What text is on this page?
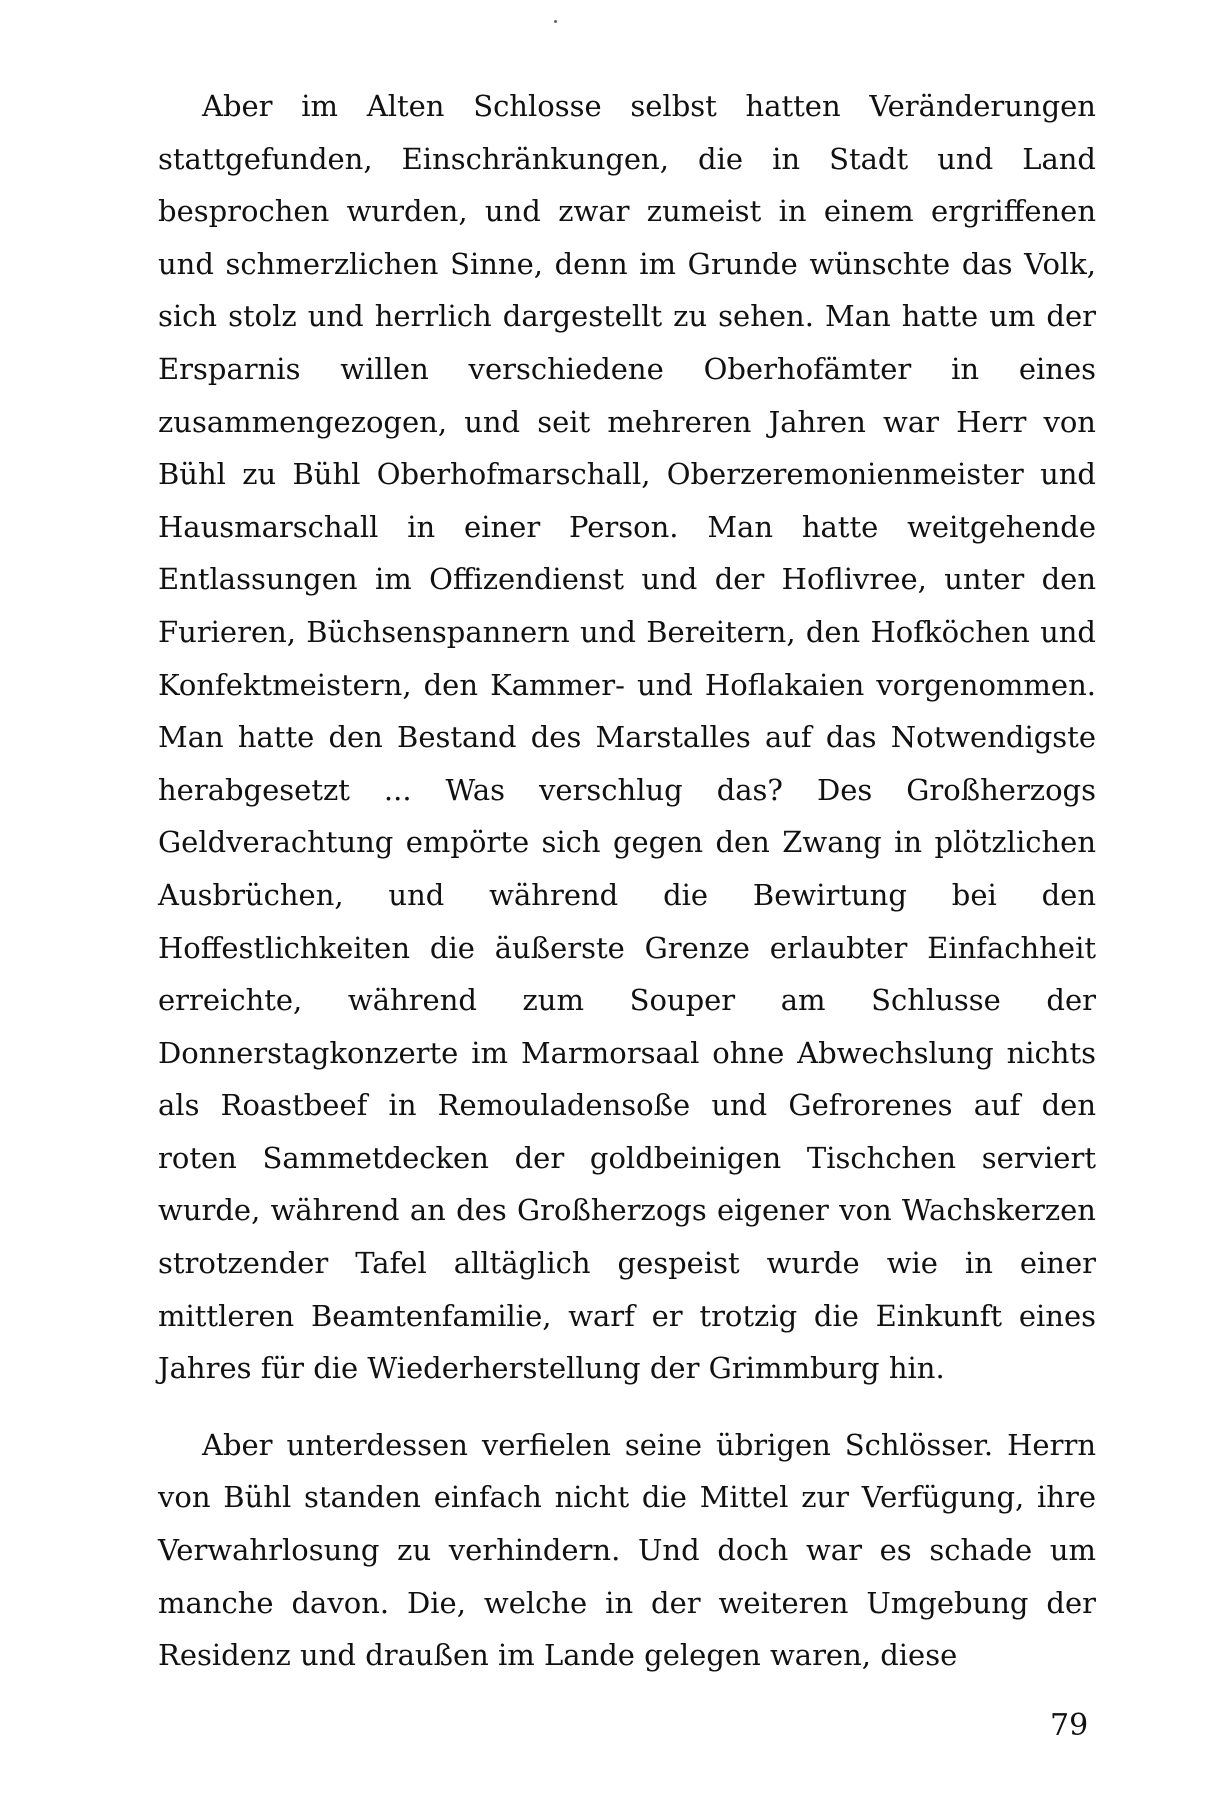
Aber im Alten Schlosse selbst hatten Veränderungen stattgefunden, Einschränkungen, die in Stadt und Land besprochen wurden, und zwar zumeist in einem ergriffenen und schmerzlichen Sinne, denn im Grunde wünschte das Volk, sich stolz und herrlich dargestellt zu sehen. Man hatte um der Ersparnis willen verschiedene Oberhofämter in eines zusammengezogen, und seit mehreren Jahren war Herr von Bühl zu Bühl Oberhofmarschall, Oberzeremonienmeister und Hausmarschall in einer Person. Man hatte weitgehende Entlassungen im Offizendienst und der Hoflivree, unter den Furieren, Büchsenspannern und Bereitern, den Hofköchen und Konfektmeistern, den Kammer- und Hoflakaien vorgenommen. Man hatte den Bestand des Marstalles auf das Notwendigste herabgesetzt ... Was verschlug das? Des Großherzogs Geldverachtung empörte sich gegen den Zwang in plötzlichen Ausbrüchen, und während die Bewirtung bei den Hoffestlichkeiten die äußerste Grenze erlaubter Einfachheit erreichte, während zum Souper am Schlusse der Donnerstagkonzerte im Marmorsaal ohne Abwechslung nichts als Roastbeef in Remouladensoße und Gefrorenes auf den roten Sammetdecken der goldbeinigen Tischchen serviert wurde, während an des Großherzogs eigener von Wachskerzen strotzender Tafel alltäglich gespeist wurde wie in einer mittleren Beamtenfamilie, warf er trotzig die Einkunft eines Jahres für die Wiederherstellung der Grimmburg hin.

Aber unterdessen verfielen seine übrigen Schlösser. Herrn von Bühl standen einfach nicht die Mittel zur Verfügung, ihre Verwahrlosung zu verhindern. Und doch war es schade um manche davon. Die, welche in der weiteren Umgebung der Residenz und draußen im Lande gelegen waren, diese

79
